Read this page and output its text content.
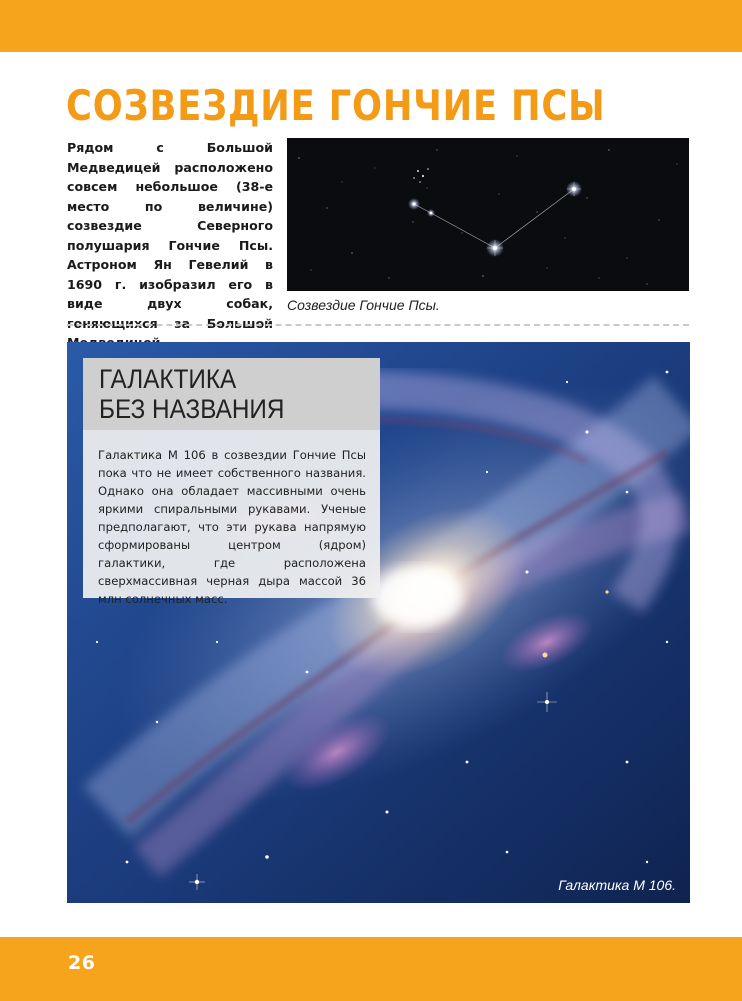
СОЗВЕЗДИЕ ГОНЧИЕ ПСЫ

Рядом с Большой Медведицей расположено совсем небольшое (38-е место по величине) созвездие Северного полушария Гончие Псы. Астроном Ян Гевелий в 1690 г. изобразил его в виде двух собак, гоняющихся за Большой

Созвездие Гончие Псы.
ГАЛАКТИКА
БЕЗ НАЗВАНИЯ

Галактика М 106 в созвездии Гончие Псы пока что не имеет собственного названия. Однако она обладает массивными очень яркими спиральными рукавами. Ученые предполагают, что эти рукава напрямую сформированы центром (ядром) галактики, где расположена сверхмассивная черная дыра массой 36 млн солнечных масс.

Галактика М 106.
26
